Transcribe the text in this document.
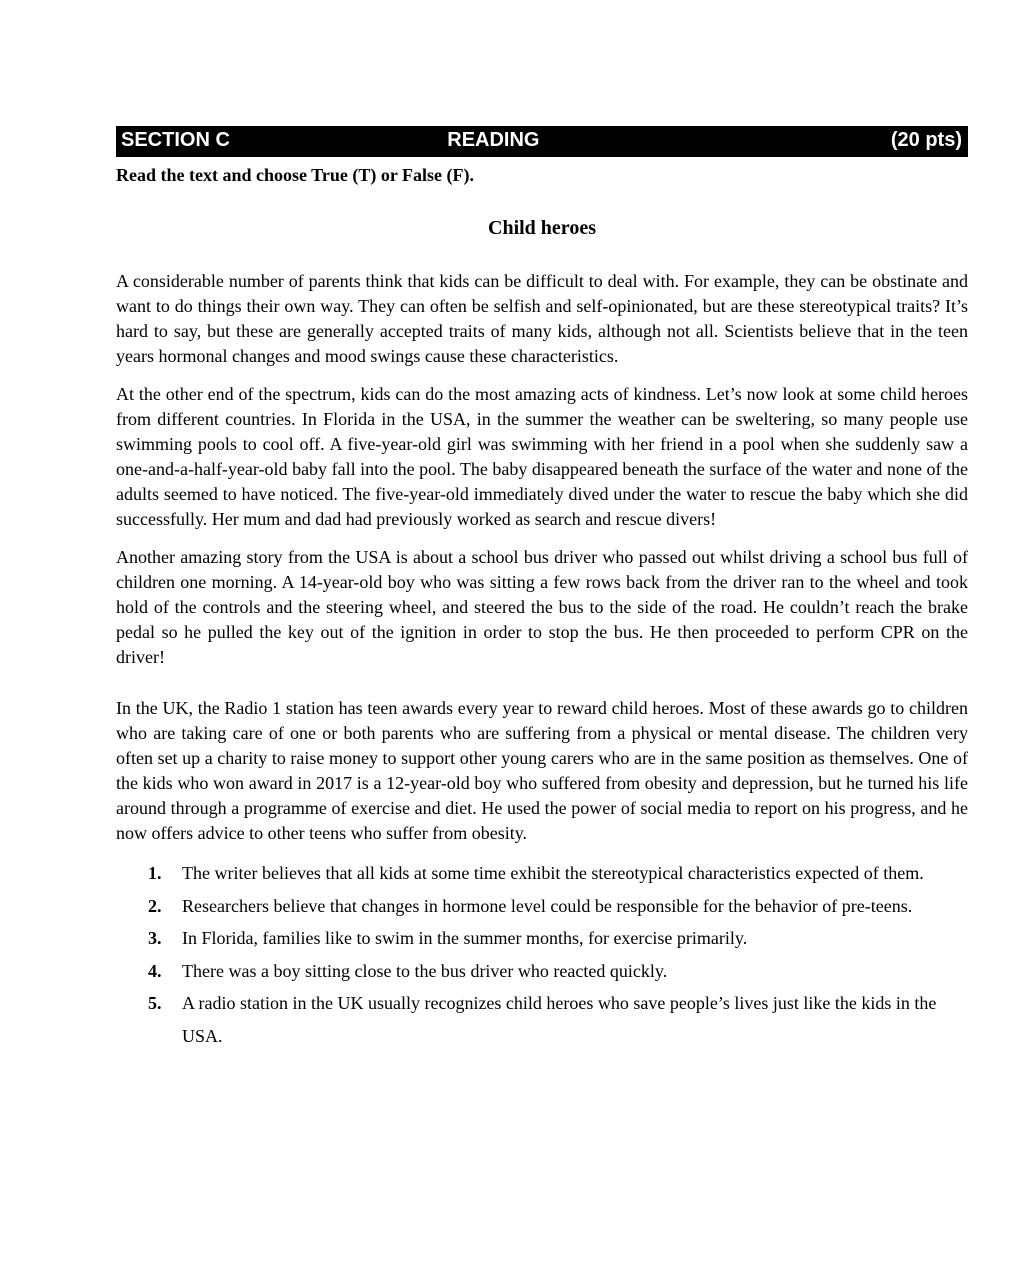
SECTION C	READING	(20 pts)

Read the text and choose True (T) or False (F).

Child heroes

A considerable number of parents think that kids can be difficult to deal with. For example, they can be obstinate and want to do things their own way. They can often be selfish and self-opinionated, but are these stereotypical traits? It’s hard to say, but these are generally accepted traits of many kids, although not all. Scientists believe that in the teen years hormonal changes and mood swings cause these characteristics.

At the other end of the spectrum, kids can do the most amazing acts of kindness. Let’s now look at some child heroes from different countries. In Florida in the USA, in the summer the weather can be sweltering, so many people use swimming pools to cool off. A five-year-old girl was swimming with her friend in a pool when she suddenly saw a one-and-a-half-year-old baby fall into the pool. The baby disappeared beneath the surface of the water and none of the adults seemed to have noticed. The five-year-old immediately dived under the water to rescue the baby which she did successfully. Her mum and dad had previously worked as search and rescue divers!

Another amazing story from the USA is about a school bus driver who passed out whilst driving a school bus full of children one morning. A 14-year-old boy who was sitting a few rows back from the driver ran to the wheel and took hold of the controls and the steering wheel, and steered the bus to the side of the road. He couldn’t reach the brake pedal so he pulled the key out of the ignition in order to stop the bus. He then proceeded to perform CPR on the driver!

In the UK, the Radio 1 station has teen awards every year to reward child heroes. Most of these awards go to children who are taking care of one or both parents who are suffering from a physical or mental disease. The children very often set up a charity to raise money to support other young carers who are in the same position as themselves. One of the kids who won award in 2017 is a 12-year-old boy who suffered from obesity and depression, but he turned his life around through a programme of exercise and diet. He used the power of social media to report on his progress, and he now offers advice to other teens who suffer from obesity.

1.	The writer believes that all kids at some time exhibit the stereotypical characteristics expected of them.
2.	Researchers believe that changes in hormone level could be responsible for the behavior of pre-teens.
3.	In Florida, families like to swim in the summer months, for exercise primarily.
4.	There was a boy sitting close to the bus driver who reacted quickly.
5.	A radio station in the UK usually recognizes child heroes who save people’s lives just like the kids in the USA.
